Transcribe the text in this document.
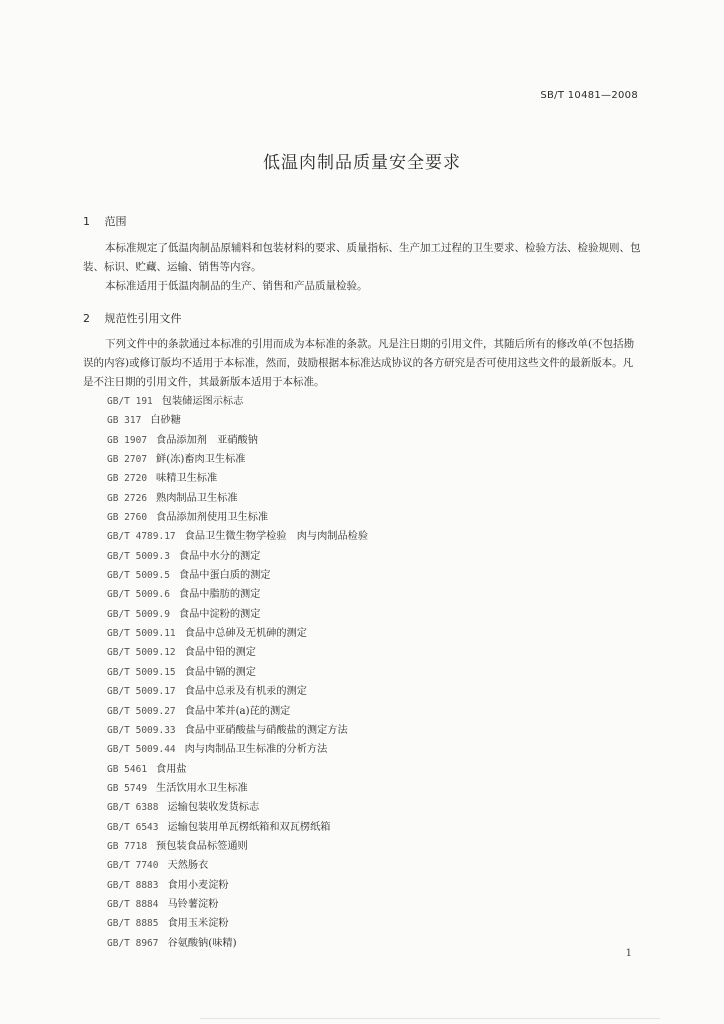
SB/T 10481—2008
低温肉制品质量安全要求
1 范围

本标准规定了低温肉制品原辅料和包装材料的要求、质量指标、生产加工过程的卫生要求、检验方法、检验规则、包装、标识、贮藏、运输、销售等内容。

本标准适用于低温肉制品的生产、销售和产品质量检验。

2 规范性引用文件

下列文件中的条款通过本标准的引用而成为本标准的条款。凡是注日期的引用文件，其随后所有的修改单(不包括勘误的内容)或修订版均不适用于本标准，然而，鼓励根据本标准达成协议的各方研究是否可使用这些文件的最新版本。凡是不注日期的引用文件，其最新版本适用于本标准。

GB/T 191 包装储运图示标志
GB 317 白砂糖
GB 1907 食品添加剂　亚硝酸钠
GB 2707 鲜(冻)畜肉卫生标准
GB 2720 味精卫生标准
GB 2726 熟肉制品卫生标准
GB 2760 食品添加剂使用卫生标准
GB/T 4789.17 食品卫生微生物学检验　肉与肉制品检验
GB/T 5009.3 食品中水分的测定
GB/T 5009.5 食品中蛋白质的测定
GB/T 5009.6 食品中脂肪的测定
GB/T 5009.9 食品中淀粉的测定
GB/T 5009.11 食品中总砷及无机砷的测定
GB/T 5009.12 食品中铅的测定
GB/T 5009.15 食品中镉的测定
GB/T 5009.17 食品中总汞及有机汞的测定
GB/T 5009.27 食品中苯并(a)芘的测定
GB/T 5009.33 食品中亚硝酸盐与硝酸盐的测定方法
GB/T 5009.44 肉与肉制品卫生标准的分析方法
GB 5461 食用盐
GB 5749 生活饮用水卫生标准
GB/T 6388 运输包装收发货标志
GB/T 6543 运输包装用单瓦楞纸箱和双瓦楞纸箱
GB 7718 预包装食品标签通则
GB/T 7740 天然肠衣
GB/T 8883 食用小麦淀粉
GB/T 8884 马铃薯淀粉
GB/T 8885 食用玉米淀粉
GB/T 8967 谷氨酸钠(味精)
1
